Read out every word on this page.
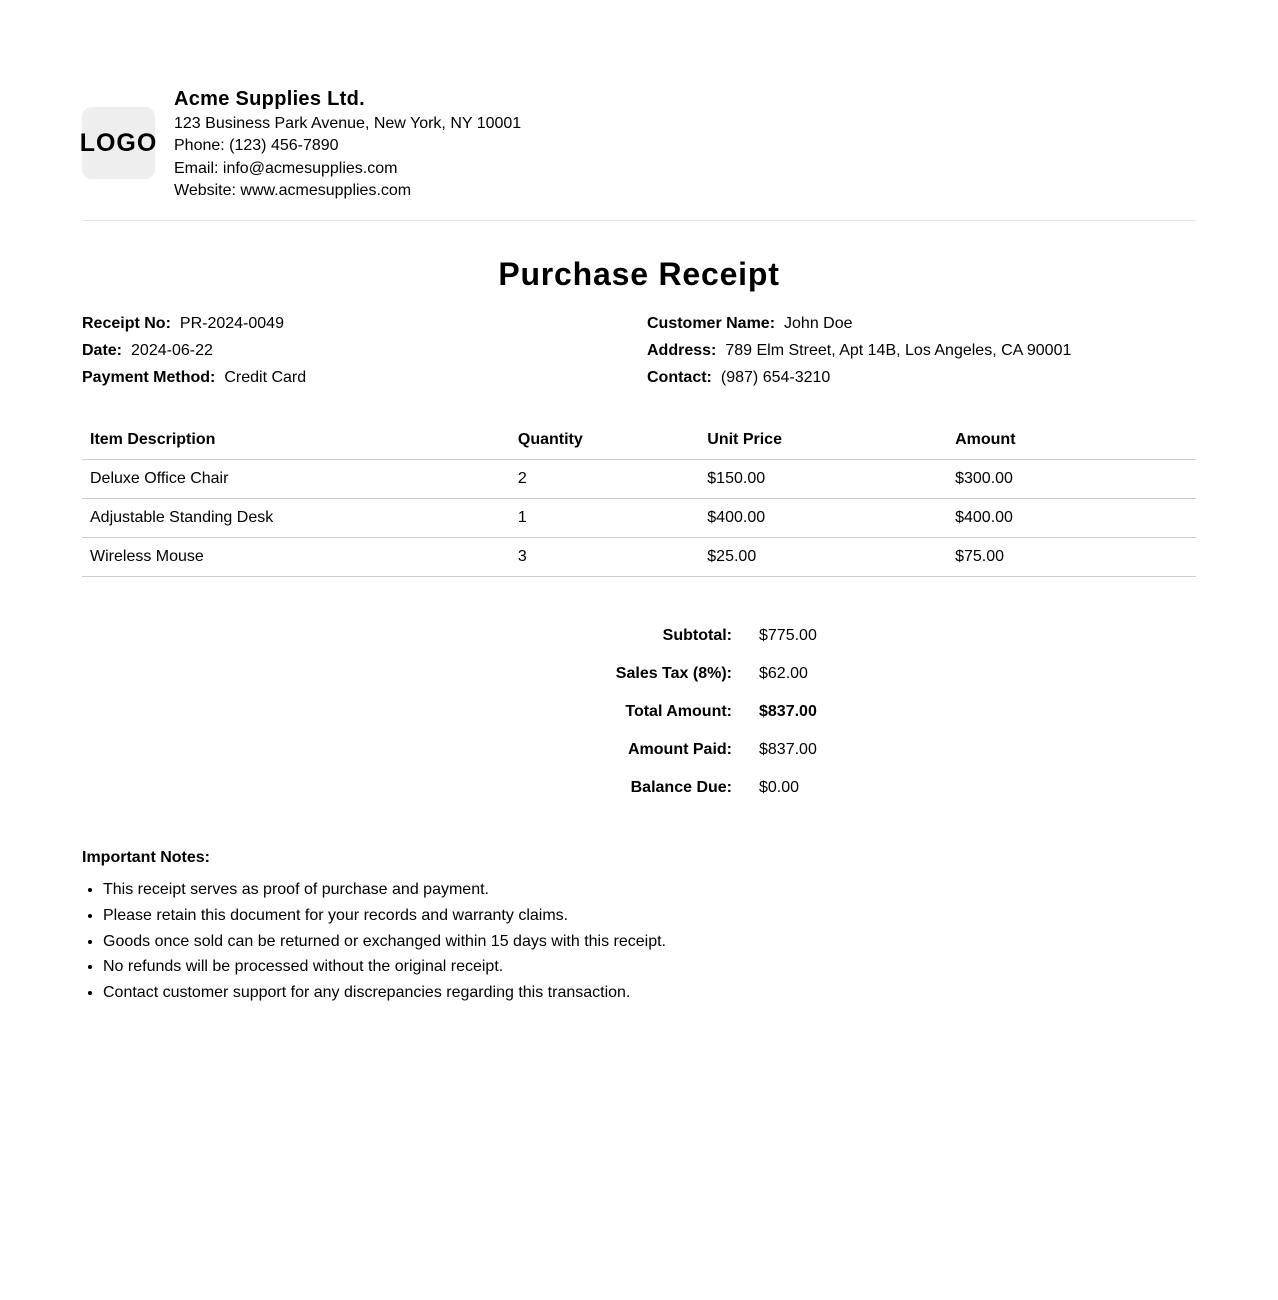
LOGO
Acme Supplies Ltd.
123 Business Park Avenue, New York, NY 10001
Phone: (123) 456-7890
Email: info@acmesupplies.com
Website: www.acmesupplies.com
Purchase Receipt
Receipt No: PR-2024-0049
Date: 2024-06-22
Payment Method: Credit Card
Customer Name: John Doe
Address: 789 Elm Street, Apt 14B, Los Angeles, CA 90001
Contact: (987) 654-3210
Item Description	Quantity	Unit Price	Amount
Deluxe Office Chair	2	$150.00	$300.00
Adjustable Standing Desk	1	$400.00	$400.00
Wireless Mouse	3	$25.00	$75.00
Subtotal: $775.00
Sales Tax (8%): $62.00
Total Amount: $837.00
Amount Paid: $837.00
Balance Due: $0.00
Important Notes:
• This receipt serves as proof of purchase and payment.
• Please retain this document for your records and warranty claims.
• Goods once sold can be returned or exchanged within 15 days with this receipt.
• No refunds will be processed without the original receipt.
• Contact customer support for any discrepancies regarding this transaction.
